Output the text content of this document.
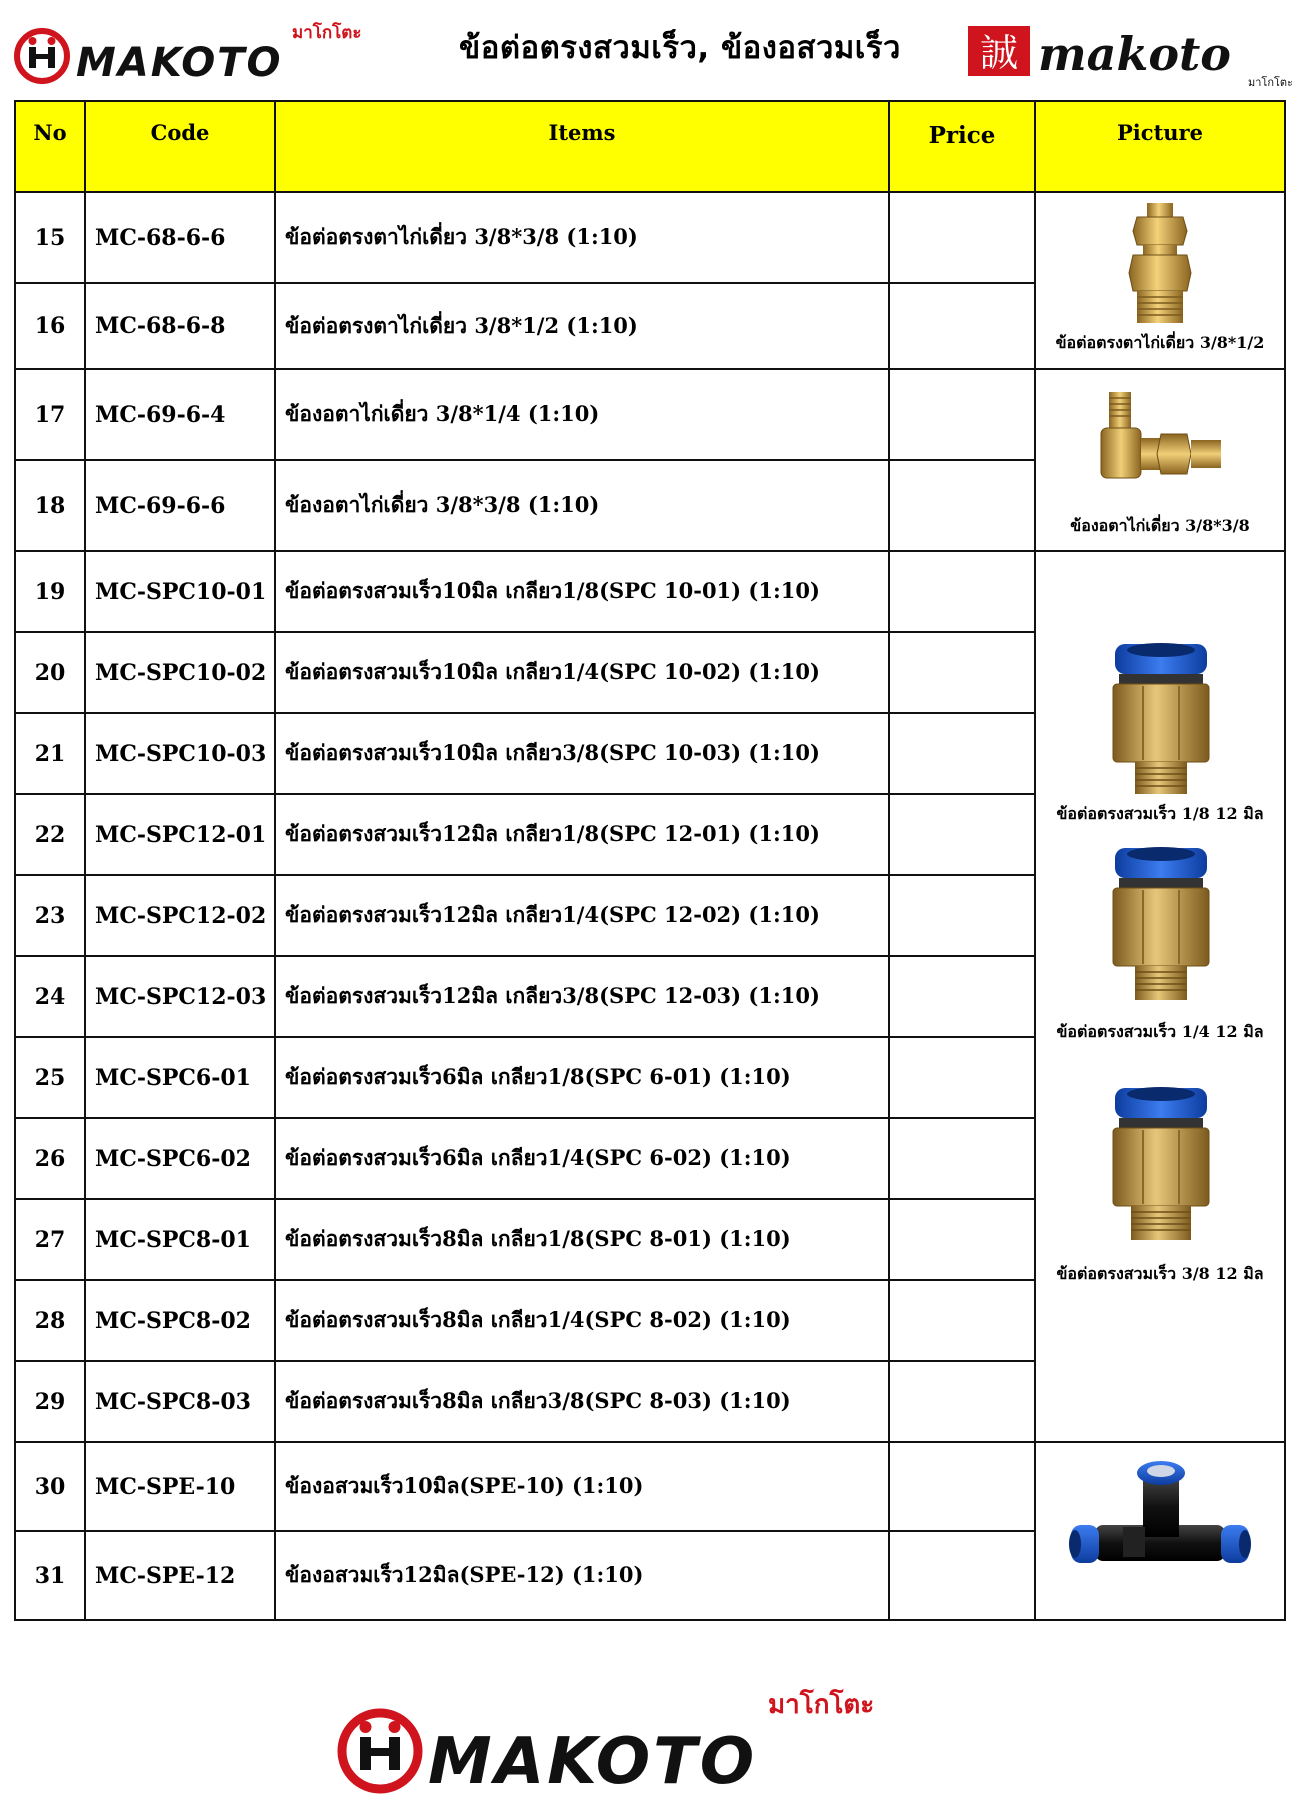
MAKOTO
มาโกโตะ	ข้อต่อตรงสวมเร็ว, ข้องอสวมเร็ว	誠 makoto
มาโกโตะ
No	Code	Items	Price	Picture
15	MC-68-6-6	ข้อต่อตรงตาไก่เดี่ยว 3/8*3/8 (1:10)		ข้อต่อตรงตาไก่เดี่ยว 3/8*1/2

16	MC-68-6-8	ข้อต่อตรงตาไก่เดี่ยว 3/8*1/2 (1:10)		
17	MC-69-6-4	ข้องอตาไก่เดี่ยว 3/8*1/4 (1:10)		ข้องอตาไก่เดี่ยว 3/8*3/8

18	MC-69-6-6	ข้องอตาไก่เดี่ยว 3/8*3/8 (1:10)		
19	MC-SPC10-01	ข้อต่อตรงสวมเร็ว10มิล เกลียว1/8(SPC 10-01) (1:10)		ข้อต่อตรงสวมเร็ว 1/8 12 มิล
ข้อต่อตรงสวมเร็ว 1/4 12 มิล
ข้อต่อตรงสวมเร็ว 3/8 12 มิล

20	MC-SPC10-02	ข้อต่อตรงสวมเร็ว10มิล เกลียว1/4(SPC 10-02) (1:10)		
21	MC-SPC10-03	ข้อต่อตรงสวมเร็ว10มิล เกลียว3/8(SPC 10-03) (1:10)		
22	MC-SPC12-01	ข้อต่อตรงสวมเร็ว12มิล เกลียว1/8(SPC 12-01) (1:10)		
23	MC-SPC12-02	ข้อต่อตรงสวมเร็ว12มิล เกลียว1/4(SPC 12-02) (1:10)		
24	MC-SPC12-03	ข้อต่อตรงสวมเร็ว12มิล เกลียว3/8(SPC 12-03) (1:10)		
25	MC-SPC6-01	ข้อต่อตรงสวมเร็ว6มิล เกลียว1/8(SPC 6-01) (1:10)		
26	MC-SPC6-02	ข้อต่อตรงสวมเร็ว6มิล เกลียว1/4(SPC 6-02) (1:10)		
27	MC-SPC8-01	ข้อต่อตรงสวมเร็ว8มิล เกลียว1/8(SPC 8-01) (1:10)		
28	MC-SPC8-02	ข้อต่อตรงสวมเร็ว8มิล เกลียว1/4(SPC 8-02) (1:10)		
29	MC-SPC8-03	ข้อต่อตรงสวมเร็ว8มิล เกลียว3/8(SPC 8-03) (1:10)		
30	MC-SPE-10	ข้องอสวมเร็ว10มิล(SPE-10) (1:10)		

31	MC-SPE-12	ข้องอสวมเร็ว12มิล(SPE-12) (1:10)		
MAKOTO
มาโกโตะ
